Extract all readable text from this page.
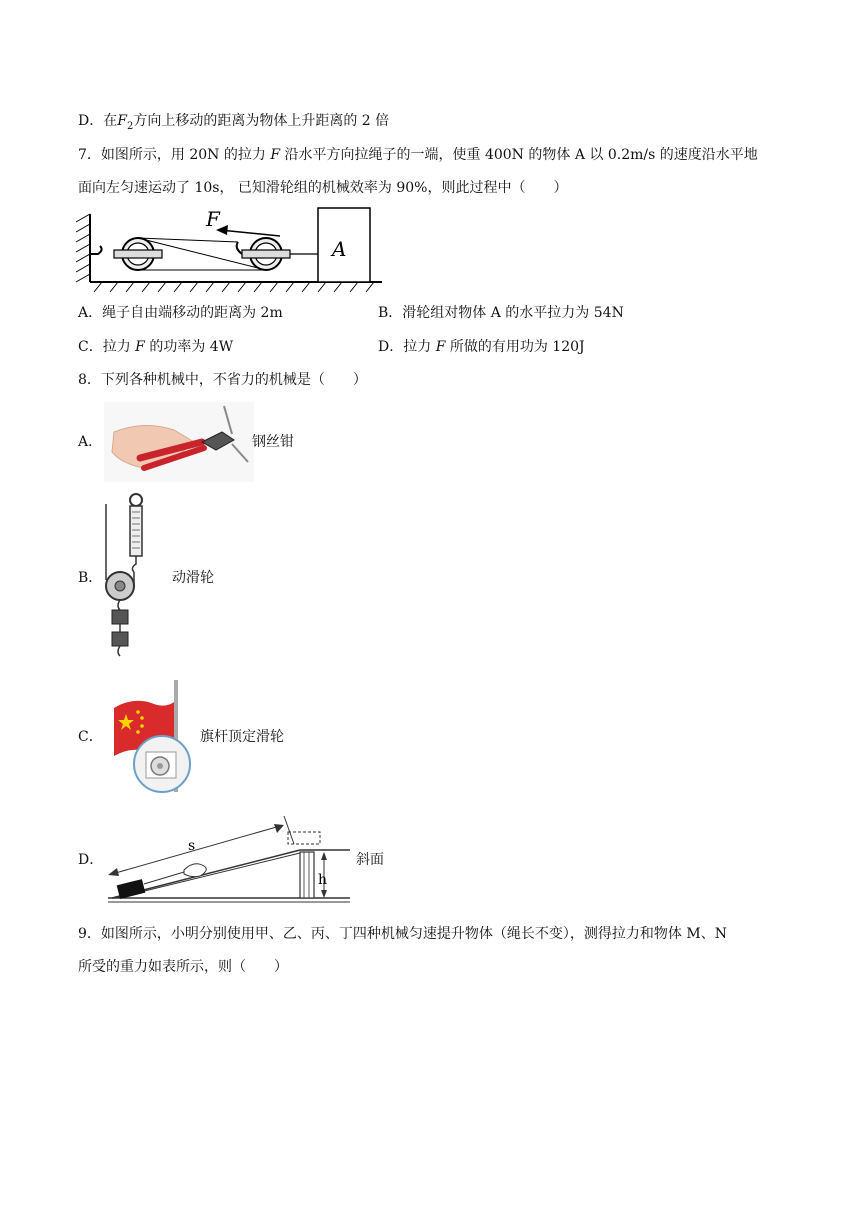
D．在$F_2$方向上移动的距离为物体上升距离的 2 倍
7．如图所示，用 20N 的拉力 F 沿水平方向拉绳子的一端，使重 400N 的物体 A 以 0.2m/s 的速度沿水平地
面向左匀速运动了 10s， 已知滑轮组的机械效率为 90%，则此过程中（　　）
A
F
A．绳子自由端移动的距离为 2m	B．滑轮组对物体 A 的水平拉力为 54N
C．拉力 F 的功率为 4W	D．拉力 F 所做的有用功为 120J
8．下列各种机械中，不省力的机械是（　　）
A．	钢丝钳
B．	动滑轮
C．	旗杆顶定滑轮
D．
h
s
斜面
9．如图所示，小明分别使用甲、乙、丙、丁四种机械匀速提升物体（绳长不变），测得拉力和物体 M、N
所受的重力如表所示，则（　　）
